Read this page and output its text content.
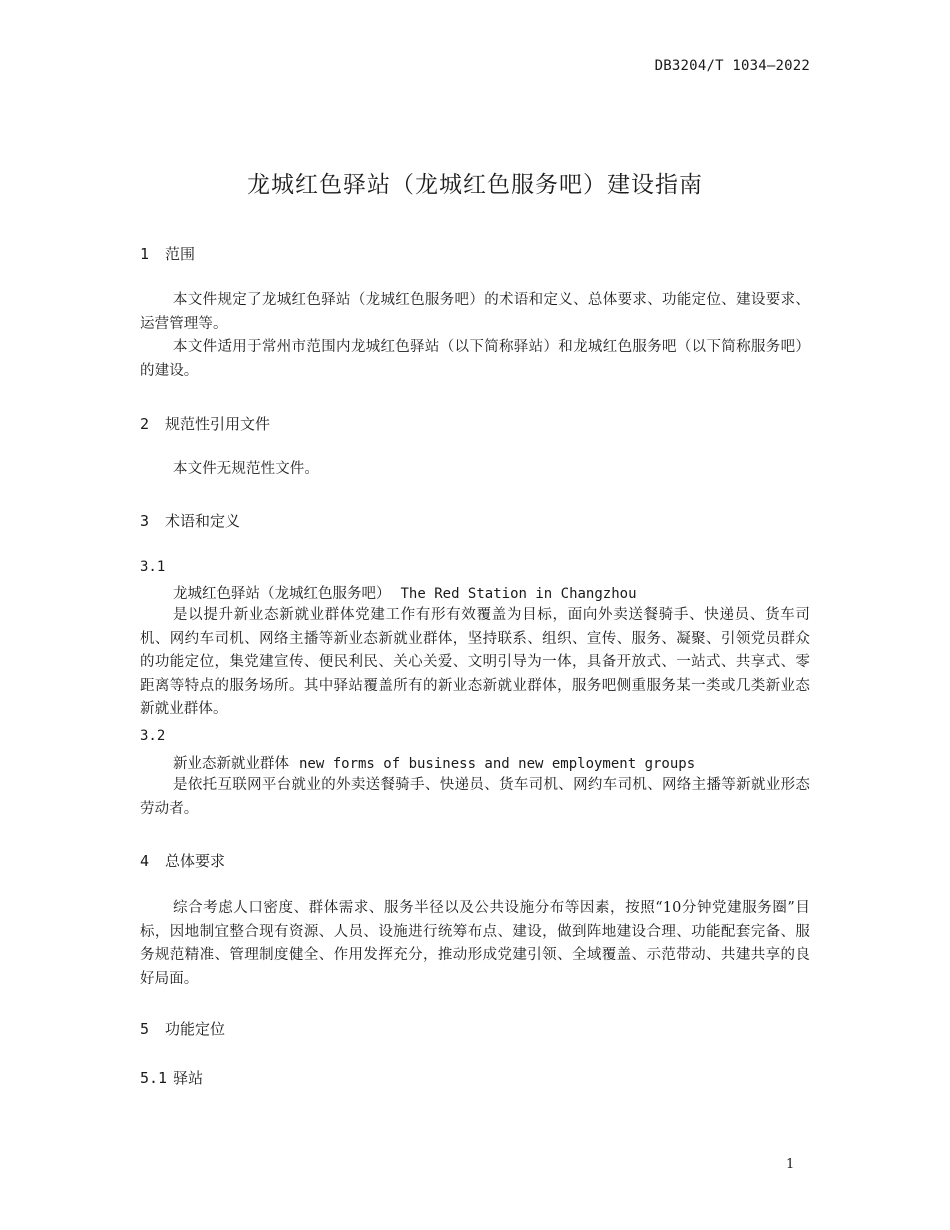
DB3204/T 1034—2022
龙城红色驿站（龙城红色服务吧）建设指南
1 范围
本文件规定了龙城红色驿站（龙城红色服务吧）的术语和定义、总体要求、功能定位、建设要求、运营管理等。
本文件适用于常州市范围内龙城红色驿站（以下简称驿站）和龙城红色服务吧（以下简称服务吧）的建设。
2 规范性引用文件
本文件无规范性文件。
3 术语和定义
3.1
龙城红色驿站（龙城红色服务吧） The Red Station in Changzhou
是以提升新业态新就业群体党建工作有形有效覆盖为目标，面向外卖送餐骑手、快递员、货车司机、网约车司机、网络主播等新业态新就业群体，坚持联系、组织、宣传、服务、凝聚、引领党员群众的功能定位，集党建宣传、便民利民、关心关爱、文明引导为一体，具备开放式、一站式、共享式、零距离等特点的服务场所。其中驿站覆盖所有的新业态新就业群体，服务吧侧重服务某一类或几类新业态新就业群体。
3.2
新业态新就业群体 new forms of business and new employment groups
是依托互联网平台就业的外卖送餐骑手、快递员、货车司机、网约车司机、网络主播等新就业形态劳动者。
4 总体要求
综合考虑人口密度、群体需求、服务半径以及公共设施分布等因素，按照“10分钟党建服务圈”目标，因地制宜整合现有资源、人员、设施进行统筹布点、建设，做到阵地建设合理、功能配套完备、服务规范精准、管理制度健全、作用发挥充分，推动形成党建引领、全域覆盖、示范带动、共建共享的良好局面。
5 功能定位
5.1 驿站
1
